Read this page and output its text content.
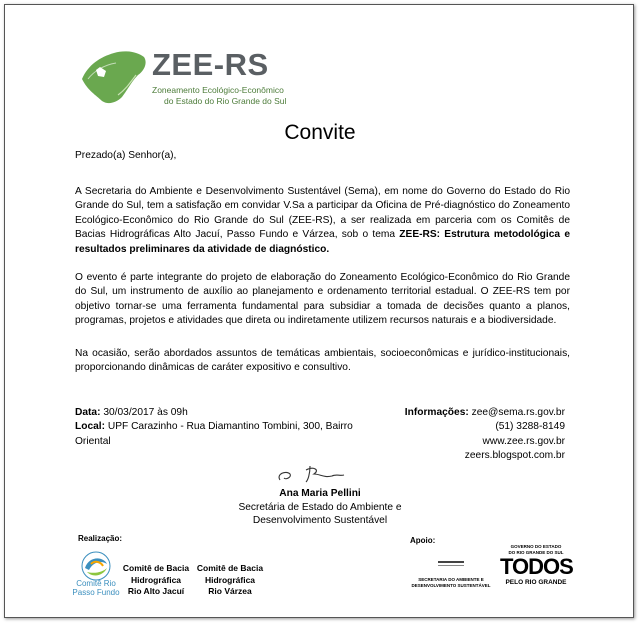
ZEE-RS
Zoneamento Ecológico-Econômico
do Estado do Rio Grande do Sul
Convite

Prezado(a) Senhor(a),

A Secretaria do Ambiente e Desenvolvimento Sustentável (Sema), em nome do Governo do Estado do Rio Grande do Sul, tem a satisfação em convidar V.Sa a participar da Oficina de Pré-diagnóstico do Zoneamento Ecológico-Econômico do Rio Grande do Sul (ZEE-RS), a ser realizada em parceria com os Comitês de Bacias Hidrográficas Alto Jacuí, Passo Fundo e Várzea, sob o tema ZEE-RS: Estrutura metodológica e resultados preliminares da atividade de diagnóstico.

O evento é parte integrante do projeto de elaboração do Zoneamento Ecológico-Econômico do Rio Grande do Sul, um instrumento de auxílio ao planejamento e ordenamento territorial estadual. O ZEE-RS tem por objetivo tornar-se uma ferramenta fundamental para subsidiar a tomada de decisões quanto a planos, programas, projetos e atividades que direta ou indiretamente utilizem recursos naturais e a biodiversidade.

Na ocasião, serão abordados assuntos de temáticas ambientais, socioeconômicas e jurídico-institucionais, proporcionando dinâmicas de caráter expositivo e consultivo.

Data: 30/03/2017 às 09h
Local: UPF Carazinho - Rua Diamantino Tombini, 300, Bairro Oriental
Informações: zee@sema.rs.gov.br
(51) 3288-8149
www.zee.rs.gov.br
zeers.blogspot.com.br
Ana Maria Pellini
Secretária de Estado do Ambiente e
Desenvolvimento Sustentável
Realização:	Apoio:
Comitê Rio
Passo Fundo
Comitê de Bacia
Hidrográfica
Rio Alto Jacuí
Comitê de Bacia
Hidrográfica
Rio Várzea
SECRETARIA DO AMBIENTE E
DESENVOLVIMENTO SUSTENTÁVEL
GOVERNO DO ESTADO
DO RIO GRANDE DO SUL
TODOS
PELO RIO GRANDE
